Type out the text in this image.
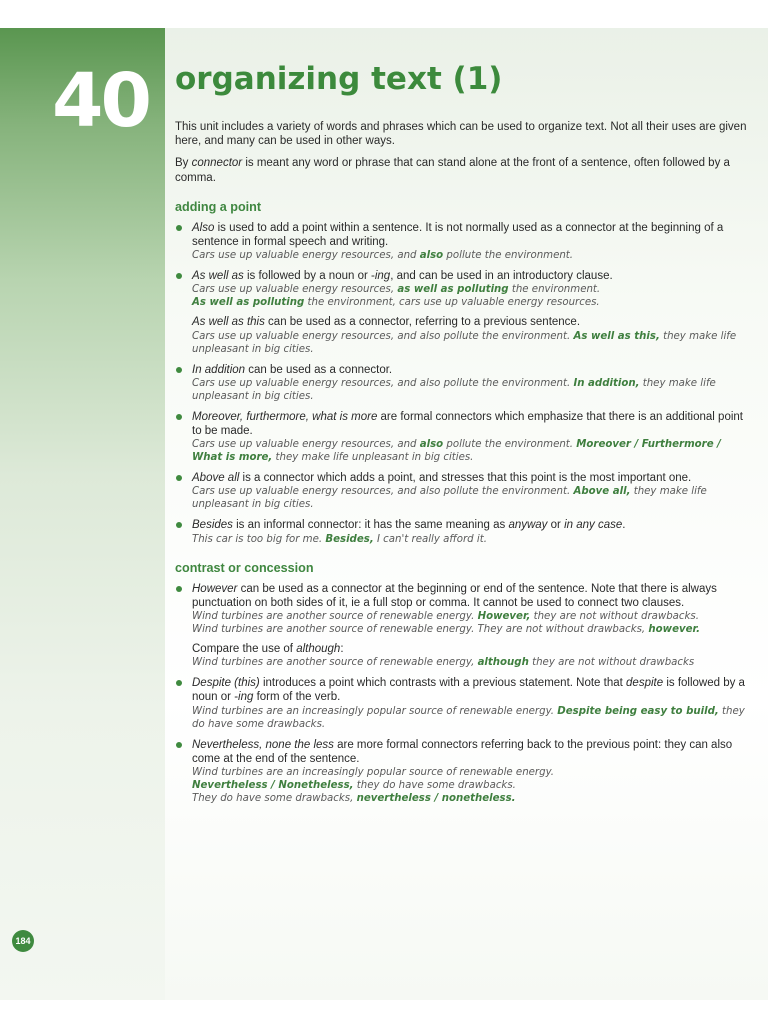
40 organizing text (1)

This unit includes a variety of words and phrases which can be used to organize text. Not all their uses are given here, and many can be used in other ways.

By connector is meant any word or phrase that can stand alone at the front of a sentence, often followed by a comma.

adding a point

Also is used to add a point within a sentence. It is not normally used as a connector at the beginning of a sentence in formal speech and writing.

Cars use up valuable energy resources, and also pollute the environment.

As well as is followed by a noun or -ing, and can be used in an introductory clause.

Cars use up valuable energy resources, as well as polluting the environment.
As well as polluting the environment, cars use up valuable energy resources.

As well as this can be used as a connector, referring to a previous sentence.

Cars use up valuable energy resources, and also pollute the environment. As well as this, they make life unpleasant in big cities.

In addition can be used as a connector.

Cars use up valuable energy resources, and also pollute the environment. In addition, they make life unpleasant in big cities.

Moreover, furthermore, what is more are formal connectors which emphasize that there is an additional point to be made.

Cars use up valuable energy resources, and also pollute the environment. Moreover / Furthermore / What is more, they make life unpleasant in big cities.

Above all is a connector which adds a point, and stresses that this point is the most important one.

Cars use up valuable energy resources, and also pollute the environment. Above all, they make life unpleasant in big cities.

Besides is an informal connector: it has the same meaning as anyway or in any case.

This car is too big for me. Besides, I can't really afford it.
contrast or concession

However can be used as a connector at the beginning or end of the sentence. Note that there is always punctuation on both sides of it, ie a full stop or comma. It cannot be used to connect two clauses.

Wind turbines are another source of renewable energy. However, they are not without drawbacks.
Wind turbines are another source of renewable energy. They are not without drawbacks, however.

Compare the use of although:

Wind turbines are another source of renewable energy, although they are not without drawbacks

Despite (this) introduces a point which contrasts with a previous statement. Note that despite is followed by a noun or -ing form of the verb.

Wind turbines are an increasingly popular source of renewable energy. Despite being easy to build, they do have some drawbacks.

Nevertheless, none the less are more formal connectors referring back to the previous point: they can also come at the end of the sentence.

Wind turbines are an increasingly popular source of renewable energy.
Nevertheless / Nonetheless, they do have some drawbacks.
They do have some drawbacks, nevertheless / nonetheless.
184
